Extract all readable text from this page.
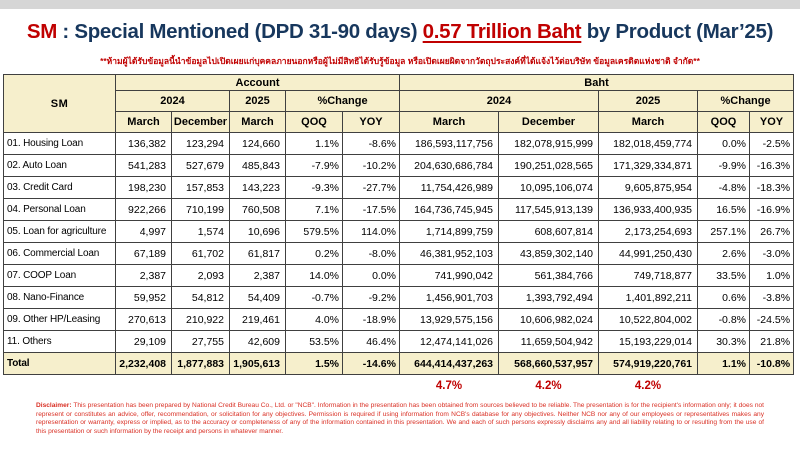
SM : Special Mentioned (DPD 31-90 days) 0.57 Trillion Baht by Product (Mar’25)
**ห้ามผู้ได้รับข้อมูลนี้นำข้อมูลไปเปิดเผยแก่บุคคลภายนอกหรือผู้ไม่มีสิทธิได้รับรู้ข้อมูล หรือเปิดเผยผิดจากวัตถุประสงค์ที่ได้แจ้งไว้ต่อบริษัท ข้อมูลเครดิตแห่งชาติ จำกัด**
SM	Account					Baht				
	2024		2025	%Change		2024		2025	%Change	
	March	December	March	QOQ	YOY	March	December	March	QOQ	YOY
01. Housing Loan	136,382	123,294	124,660	1.1%	-8.6%	186,593,117,756	182,078,915,999	182,018,459,774	0.0%	-2.5%
02. Auto Loan	541,283	527,679	485,843	-7.9%	-10.2%	204,630,686,784	190,251,028,565	171,329,334,871	-9.9%	-16.3%
03. Credit Card	198,230	157,853	143,223	-9.3%	-27.7%	11,754,426,989	10,095,106,074	9,605,875,954	-4.8%	-18.3%
04. Personal Loan	922,266	710,199	760,508	7.1%	-17.5%	164,736,745,945	117,545,913,139	136,933,400,935	16.5%	-16.9%
05. Loan for agriculture	4,997	1,574	10,696	579.5%	114.0%	1,714,899,759	608,607,814	2,173,254,693	257.1%	26.7%
06. Commercial Loan	67,189	61,702	61,817	0.2%	-8.0%	46,381,952,103	43,859,302,140	44,991,250,430	2.6%	-3.0%
07. COOP Loan	2,387	2,093	2,387	14.0%	0.0%	741,990,042	561,384,766	749,718,877	33.5%	1.0%
08. Nano-Finance	59,952	54,812	54,409	-0.7%	-9.2%	1,456,901,703	1,393,792,494	1,401,892,211	0.6%	-3.8%
09. Other HP/Leasing	270,613	210,922	219,461	4.0%	-18.9%	13,929,575,156	10,606,982,024	10,522,804,002	-0.8%	-24.5%
11. Others	29,109	27,755	42,609	53.5%	46.4%	12,474,141,026	11,659,504,942	15,193,229,014	30.3%	21.8%
Total	2,232,408	1,877,883	1,905,613	1.5%	-14.6%	644,414,437,263	568,660,537,957	574,919,220,761	1.1%	-10.8%
						4.7%	4.2%	4.2%		

Disclaimer: This presentation has been prepared by National Credit Bureau Co., Ltd. or "NCB". Information in the presentation has been obtained from sources believed to be reliable. The presentation is for the recipient's information only; it does not represent or constitutes an advice, offer, recommendation, or solicitation for any objectives. Permission is required if using information from NCB's database for any objectives. Neither NCB nor any of our employees or representatives makes any representation or warranty, express or implied, as to the accuracy or completeness of any of the information contained in this presentation. We and each of such persons expressly disclaims any and all liability relating to or resulting from the use of this presentation or such information by the receipt and persons in whatever manner.
